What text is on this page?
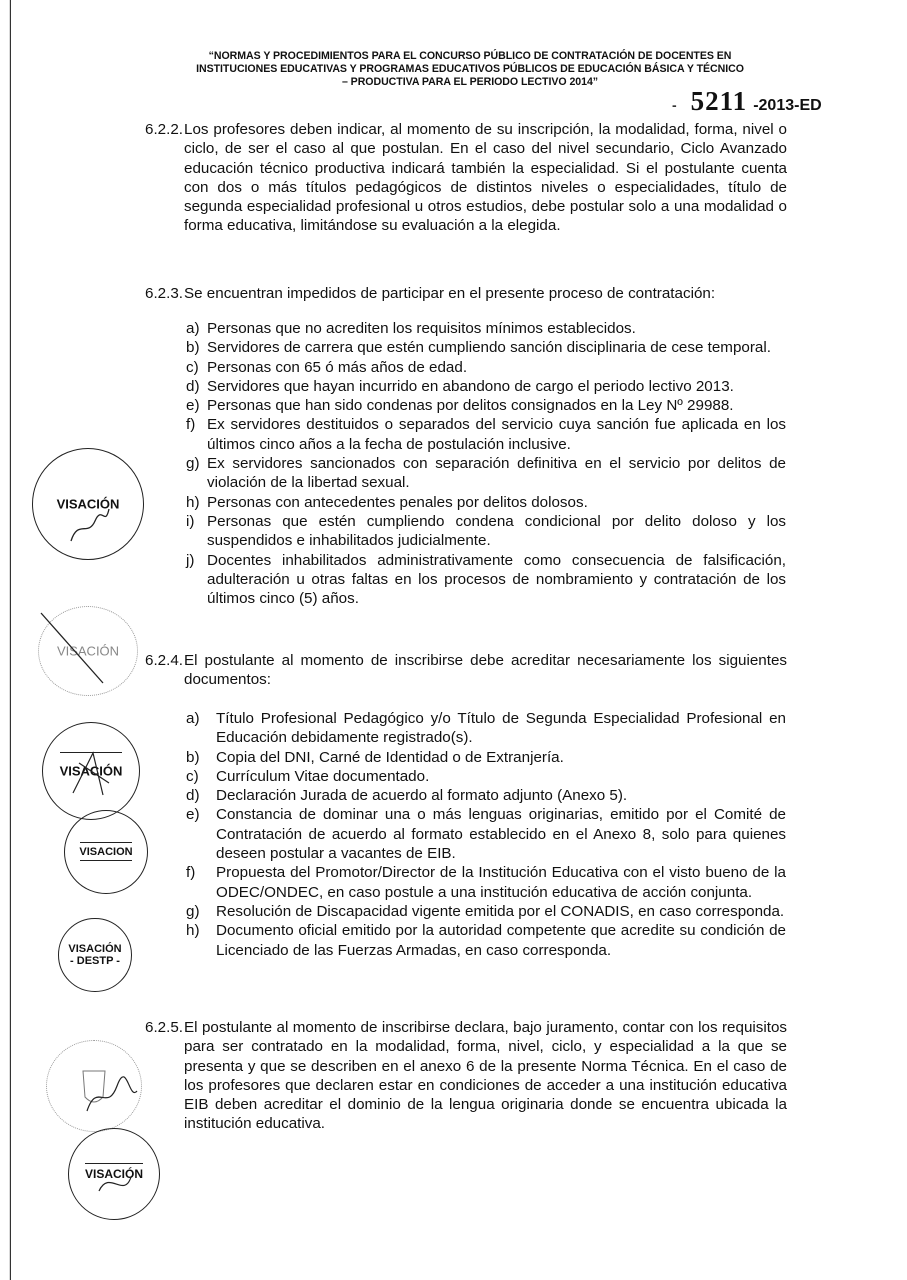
“NORMAS Y PROCEDIMIENTOS PARA EL CONCURSO PÚBLICO DE CONTRATACIÓN DE DOCENTES EN
INSTITUCIONES EDUCATIVAS Y PROGRAMAS EDUCATIVOS PÚBLICOS DE EDUCACIÓN BÁSICA Y TÉCNICO
– PRODUCTIVA PARA EL PERIODO LECTIVO 2014”
- 5211 -2013-ED
6.2.2. Los profesores deben indicar, al momento de su inscripción, la modalidad, forma, nivel o ciclo, de ser el caso al que postulan. En el caso del nivel secundario, Ciclo Avanzado educación técnico productiva indicará también la especialidad. Si el postulante cuenta con dos o más títulos pedagógicos de distintos niveles o especialidades, título de segunda especialidad profesional u otros estudios, debe postular solo a una modalidad o forma educativa, limitándose su evaluación a la elegida.
6.2.3. Se encuentran impedidos de participar en el presente proceso de contratación:
a) Personas que no acrediten los requisitos mínimos establecidos.
b) Servidores de carrera que estén cumpliendo sanción disciplinaria de cese temporal.
c) Personas con 65 ó más años de edad.
d) Servidores que hayan incurrido en abandono de cargo el periodo lectivo 2013.
e) Personas que han sido condenas por delitos consignados en la Ley Nº 29988.
f) Ex servidores destituidos o separados del servicio cuya sanción fue aplicada en los últimos cinco años a la fecha de postulación inclusive.
g) Ex servidores sancionados con separación definitiva en el servicio por delitos de violación de la libertad sexual.
h) Personas con antecedentes penales por delitos dolosos.
i) Personas que estén cumpliendo condena condicional por delito doloso y los suspendidos e inhabilitados judicialmente.
j) Docentes inhabilitados administrativamente como consecuencia de falsificación, adulteración u otras faltas en los procesos de nombramiento y contratación de los últimos cinco (5) años.
6.2.4. El postulante al momento de inscribirse debe acreditar necesariamente los siguientes documentos:
a)	Título Profesional Pedagógico y/o Título de Segunda Especialidad Profesional en Educación debidamente registrado(s).
b)	Copia del DNI, Carné de Identidad o de Extranjería.
c)	Currículum Vitae documentado.
d)	Declaración Jurada de acuerdo al formato adjunto (Anexo 5).
e)	Constancia de dominar una o más lenguas originarias, emitido por el Comité de Contratación de acuerdo al formato establecido en el Anexo 8, solo para quienes deseen postular a vacantes de EIB.
f)	Propuesta del Promotor/Director de la Institución Educativa con el visto bueno de la ODEC/ONDEC, en caso postule a una institución educativa de acción conjunta.
g)	Resolución de Discapacidad vigente emitida por el CONADIS, en caso corresponda.
h)	Documento oficial emitido por la autoridad competente que acredite su condición de Licenciado de las Fuerzas Armadas, en caso corresponda.
6.2.5. El postulante al momento de inscribirse declara, bajo juramento, contar con los requisitos para ser contratado en la modalidad, forma, nivel, ciclo, y especialidad a la que se presenta y que se describen en el anexo 6 de la presente Norma Técnica. En el caso de los profesores que declaren estar en condiciones de acceder a una institución educativa EIB deben acreditar el dominio de la lengua originaria donde se encuentra ubicada la institución educativa.
VISACIÓN
VISACIÓN
VISACIÓN
VISACION
VISACIÓN
- DESTP -
VISACIÓN
